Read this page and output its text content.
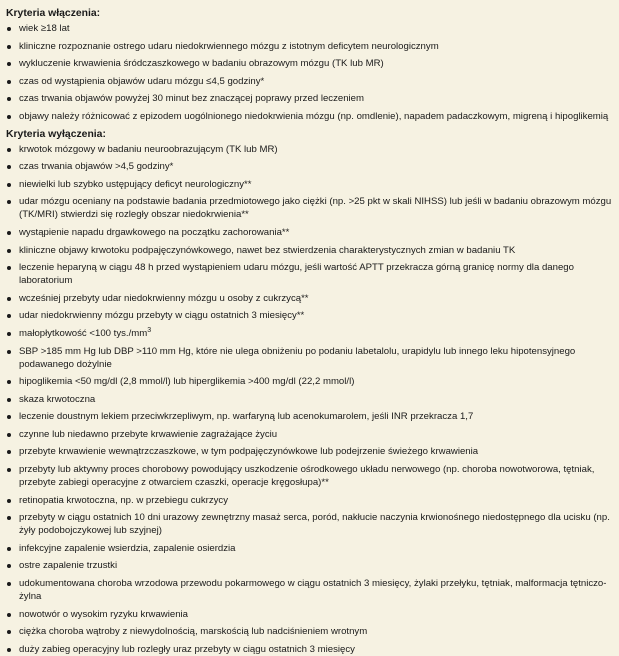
Kryteria włączenia:
wiek ≥18 lat
kliniczne rozpoznanie ostrego udaru niedokrwiennego mózgu z istotnym deficytem neurologicznym
wykluczenie krwawienia śródczaszkowego w badaniu obrazowym mózgu (TK lub MR)
czas od wystąpienia objawów udaru mózgu ≤4,5 godziny*
czas trwania objawów powyżej 30 minut bez znaczącej poprawy przed leczeniem
objawy należy różnicować z epizodem uogólnionego niedokrwienia mózgu (np. omdlenie), napadem padaczkowym, migreną i hipoglikemią
Kryteria wyłączenia:
krwotok mózgowy w badaniu neuroobrazującym (TK lub MR)
czas trwania objawów >4,5 godziny*
niewielki lub szybko ustępujący deficyt neurologiczny**
udar mózgu oceniany na podstawie badania przedmiotowego jako ciężki (np. >25 pkt w skali NIHSS) lub jeśli w badaniu obrazowym mózgu (TK/MRI) stwierdzi się rozległy obszar niedokrwienia**
wystąpienie napadu drgawkowego na początku zachorowania**
kliniczne objawy krwotoku podpajęczynówkowego, nawet bez stwierdzenia charakterystycznych zmian w badaniu TK
leczenie heparyną w ciągu 48 h przed wystąpieniem udaru mózgu, jeśli wartość APTT przekracza górną granicę normy dla danego laboratorium
wcześniej przebyty udar niedokrwienny mózgu u osoby z cukrzycą**
udar niedokrwienny mózgu przebyty w ciągu ostatnich 3 miesięcy**
małopłytkowość <100 $tys./mm^3$
SBP >185 mm Hg lub DBP >110 mm Hg, które nie ulega obniżeniu po podaniu labetalolu, urapidylu lub innego leku hipotensyjnego podawanego dożylnie
hipoglikemia <50 mg/dl (2,8 mmol/l) lub hiperglikemia >400 mg/dl (22,2 mmol/l)
skaza krwotoczna
leczenie doustnym lekiem przeciwkrzepliwym, np. warfaryną lub acenokumarolem, jeśli INR przekracza 1,7
czynne lub niedawno przebyte krwawienie zagrażające życiu
przebyte krwawienie wewnątrzczaszkowe, w tym podpajęczynówkowe lub podejrzenie świeżego krwawienia
przebyty lub aktywny proces chorobowy powodujący uszkodzenie ośrodkowego układu nerwowego (np. choroba nowotworowa, tętniak, przebyte zabiegi operacyjne z otwarciem czaszki, operacje kręgosłupa)**
retinopatia krwotoczna, np. w przebiegu cukrzycy
przebyty w ciągu ostatnich 10 dni urazowy zewnętrzny masaż serca, poród, nakłucie naczynia krwionośnego niedostępnego dla ucisku (np. żyły podobojczykowej lub szyjnej)
infekcyjne zapalenie wsierdzia, zapalenie osierdzia
ostre zapalenie trzustki
udokumentowana choroba wrzodowa przewodu pokarmowego w ciągu ostatnich 3 miesięcy, żylaki przełyku, tętniak, malformacja tętniczo-żylna
nowotwór o wysokim ryzyku krwawienia
ciężka choroba wątroby z niewydolnością, marskością lub nadciśnieniem wrotnym
duży zabieg operacyjny lub rozległy uraz przebyty w ciągu ostatnich 3 miesięcy
